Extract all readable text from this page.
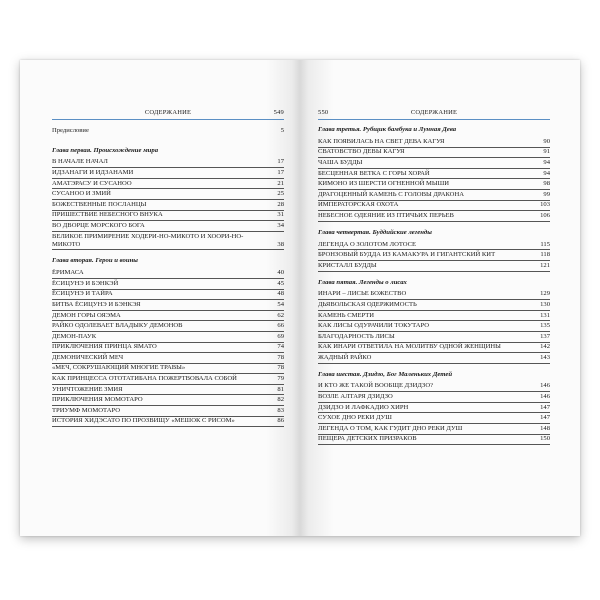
СОДЕРЖАНИЕ	549
Предисловие	5
Глава первая. Происхождение мира
В НАЧАЛЕ НАЧАЛ	17
ИДЗАНАГИ И ИДЗАНАМИ	17
АМАТЭРАСУ И СУСАНОО	21
СУСАНОО И ЗМИЙ	25
БОЖЕСТВЕННЫЕ ПОСЛАНЦЫ	28
ПРИШЕСТВИЕ НЕБЕСНОГО ВНУКА	31
ВО ДВОРЦЕ МОРСКОГО БОГА	34
ВЕЛИКОЕ ПРИМИРЕНИЕ ХОДЕРИ-НО-МИКОТО И ХООРИ-НО-МИКОТО	38
Глава вторая. Герои и воины
ЁРИМАСА	40
ЁСИЦУНЭ И БЭНКЭЙ	45
ЁСИЦУНЭ И ТАЙРА	48
БИТВА ЁСИЦУНЭ И БЭНКЭЯ	54
ДЕМОН ГОРЫ ОЯЭМА	62
РАЙКО ОДОЛЕВАЕТ ВЛАДЫКУ ДЕМОНОВ	66
ДЕМОН-ПАУК	69
ПРИКЛЮЧЕНИЯ ПРИНЦА ЯМАТО	74
ДЕМОНИЧЕСКИЙ МЕЧ	78
«МЕЧ, СОКРУШАЮЩИЙ МНОГИЕ ТРАВЫ»	78
КАК ПРИНЦЕССА ОТОТАТИБАНА ПОЖЕРТВОВАЛА СОБОЙ	79
УНИЧТОЖЕНИЕ ЗМИЯ	81
ПРИКЛЮЧЕНИЯ МОМОТАРО	82
ТРИУМФ МОМОТАРО	83
ИСТОРИЯ ХИДЭСАТО ПО ПРОЗВИЩУ «МЕШОК С РИСОМ»	86
550	СОДЕРЖАНИЕ
Глава третья. Рубщик бамбука и Лунная Дева
КАК ПОЯВИЛАСЬ НА СВЕТ ДЕВА КАГУЯ	90
СВАТОВСТВО ДЕВЫ КАГУЯ	91
ЧАША БУДДЫ	94
БЕСЦЕННАЯ ВЕТКА С ГОРЫ ХОРАЙ	94
КИМОНО ИЗ ШЕРСТИ ОГНЕННОЙ МЫШИ	98
ДРАГОЦЕННЫЙ КАМЕНЬ С ГОЛОВЫ ДРАКОНА	99
ИМПЕРАТОРСКАЯ ОХОТА	103
НЕБЕСНОЕ ОДЕЯНИЕ ИЗ ПТИЧЬИХ ПЕРЬЕВ	106
Глава четвертая. Буддийские легенды
ЛЕГЕНДА О ЗОЛОТОМ ЛОТОСЕ	115
БРОНЗОВЫЙ БУДДА ИЗ КАМАКУРА И ГИГАНТСКИЙ КИТ	118
КРИСТАЛЛ БУДДЫ	121
Глава пятая. Легенды о лисах
ИНАРИ – ЛИСЬЕ БОЖЕСТВО	129
ДЬЯВОЛЬСКАЯ ОДЕРЖИМОСТЬ	130
КАМЕНЬ СМЕРТИ	131
КАК ЛИСЫ ОДУРАЧИЛИ ТОКУТАРО	135
БЛАГОДАРНОСТЬ ЛИСЫ	137
КАК ИНАРИ ОТВЕТИЛА НА МОЛИТВУ ОДНОЙ ЖЕНЩИНЫ	142
ЖАДНЫЙ РАЙКО	143
Глава шестая. Дзидзо, Бог Маленьких Детей
И КТО ЖЕ ТАКОЙ ВООБЩЕ ДЗИДЗО?	146
ВОЗЛЕ АЛТАРЯ ДЗИДЗО	146
ДЗИДЗО И ЛАФКАДИО ХИРН	147
СУХОЕ ДНО РЕКИ ДУШ	147
ЛЕГЕНДА О ТОМ, КАК ГУДИТ ДНО РЕКИ ДУШ	148
ПЕЩЕРА ДЕТСКИХ ПРИЗРАКОВ	150
